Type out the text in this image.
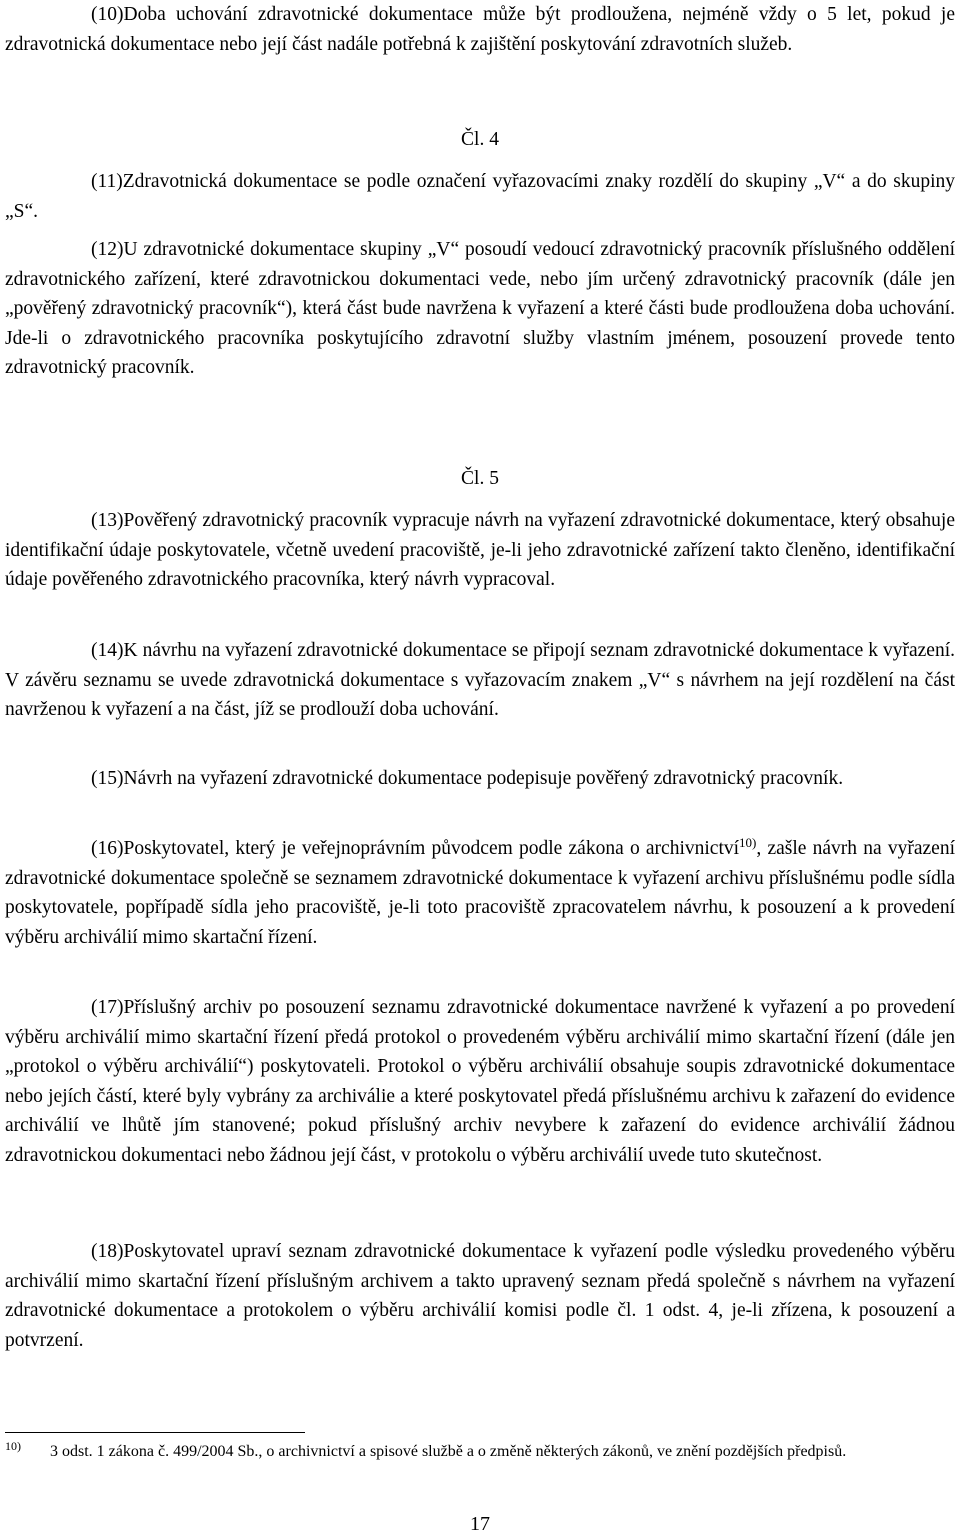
(10)Doba uchování zdravotnické dokumentace může být prodloužena, nejméně vždy o 5 let, pokud je zdravotnická dokumentace nebo její část nadále potřebná k zajištění poskytování zdravotních služeb.

Čl. 4

(11)Zdravotnická dokumentace se podle označení vyřazovacími znaky rozdělí do skupiny „V“ a do skupiny „S“.

(12)U zdravotnické dokumentace skupiny „V“ posoudí vedoucí zdravotnický pracovník příslušného oddělení zdravotnického zařízení, které zdravotnickou dokumentaci vede, nebo jím určený zdravotnický pracovník (dále jen „pověřený zdravotnický pracovník“), která část bude navržena k vyřazení a které části bude prodloužena doba uchování. Jde-li o zdravotnického pracovníka poskytujícího zdravotní služby vlastním jménem, posouzení provede tento zdravotnický pracovník.

Čl. 5

(13)Pověřený zdravotnický pracovník vypracuje návrh na vyřazení zdravotnické dokumentace, který obsahuje identifikační údaje poskytovatele, včetně uvedení pracoviště, je-li jeho zdravotnické zařízení takto členěno, identifikační údaje pověřeného zdravotnického pracovníka, který návrh vypracoval.

(14)K návrhu na vyřazení zdravotnické dokumentace se připojí seznam zdravotnické dokumentace k vyřazení. V závěru seznamu se uvede zdravotnická dokumentace s vyřazovacím znakem „V“ s návrhem na její rozdělení na část navrženou k vyřazení a na část, jíž se prodlouží doba uchování.

(15)Návrh na vyřazení zdravotnické dokumentace podepisuje pověřený zdravotnický pracovník.

(16)Poskytovatel, který je veřejnoprávním původcem podle zákona o archivnictví$^{10)}$, zašle návrh na vyřazení zdravotnické dokumentace společně se seznamem zdravotnické dokumentace k vyřazení archivu příslušnému podle sídla poskytovatele, popřípadě sídla jeho pracoviště, je-li toto pracoviště zpracovatelem návrhu, k posouzení a k provedení výběru archiválií mimo skartační řízení.

(17)Příslušný archiv po posouzení seznamu zdravotnické dokumentace navržené k vyřazení a po provedení výběru archiválií mimo skartační řízení předá protokol o provedeném výběru archiválií mimo skartační řízení (dále jen „protokol o výběru archiválií“) poskytovateli. Protokol o výběru archiválií obsahuje soupis zdravotnické dokumentace nebo jejích částí, které byly vybrány za archiválie a které poskytovatel předá příslušnému archivu k zařazení do evidence archiválií ve lhůtě jím stanovené; pokud příslušný archiv nevybere k zařazení do evidence archiválií žádnou zdravotnickou dokumentaci nebo žádnou její část, v protokolu o výběru archiválií uvede tuto skutečnost.

(18)Poskytovatel upraví seznam zdravotnické dokumentace k vyřazení podle výsledku provedeného výběru archiválií mimo skartační řízení příslušným archivem a takto upravený seznam předá společně s návrhem na vyřazení zdravotnické dokumentace a protokolem o výběru archiválií komisi podle čl. 1 odst. 4, je-li zřízena, k posouzení a potvrzení.

10) 3 odst. 1 zákona č. 499/2004 Sb., o archivnictví a spisové službě a o změně některých zákonů, ve znění pozdějších předpisů.
17
